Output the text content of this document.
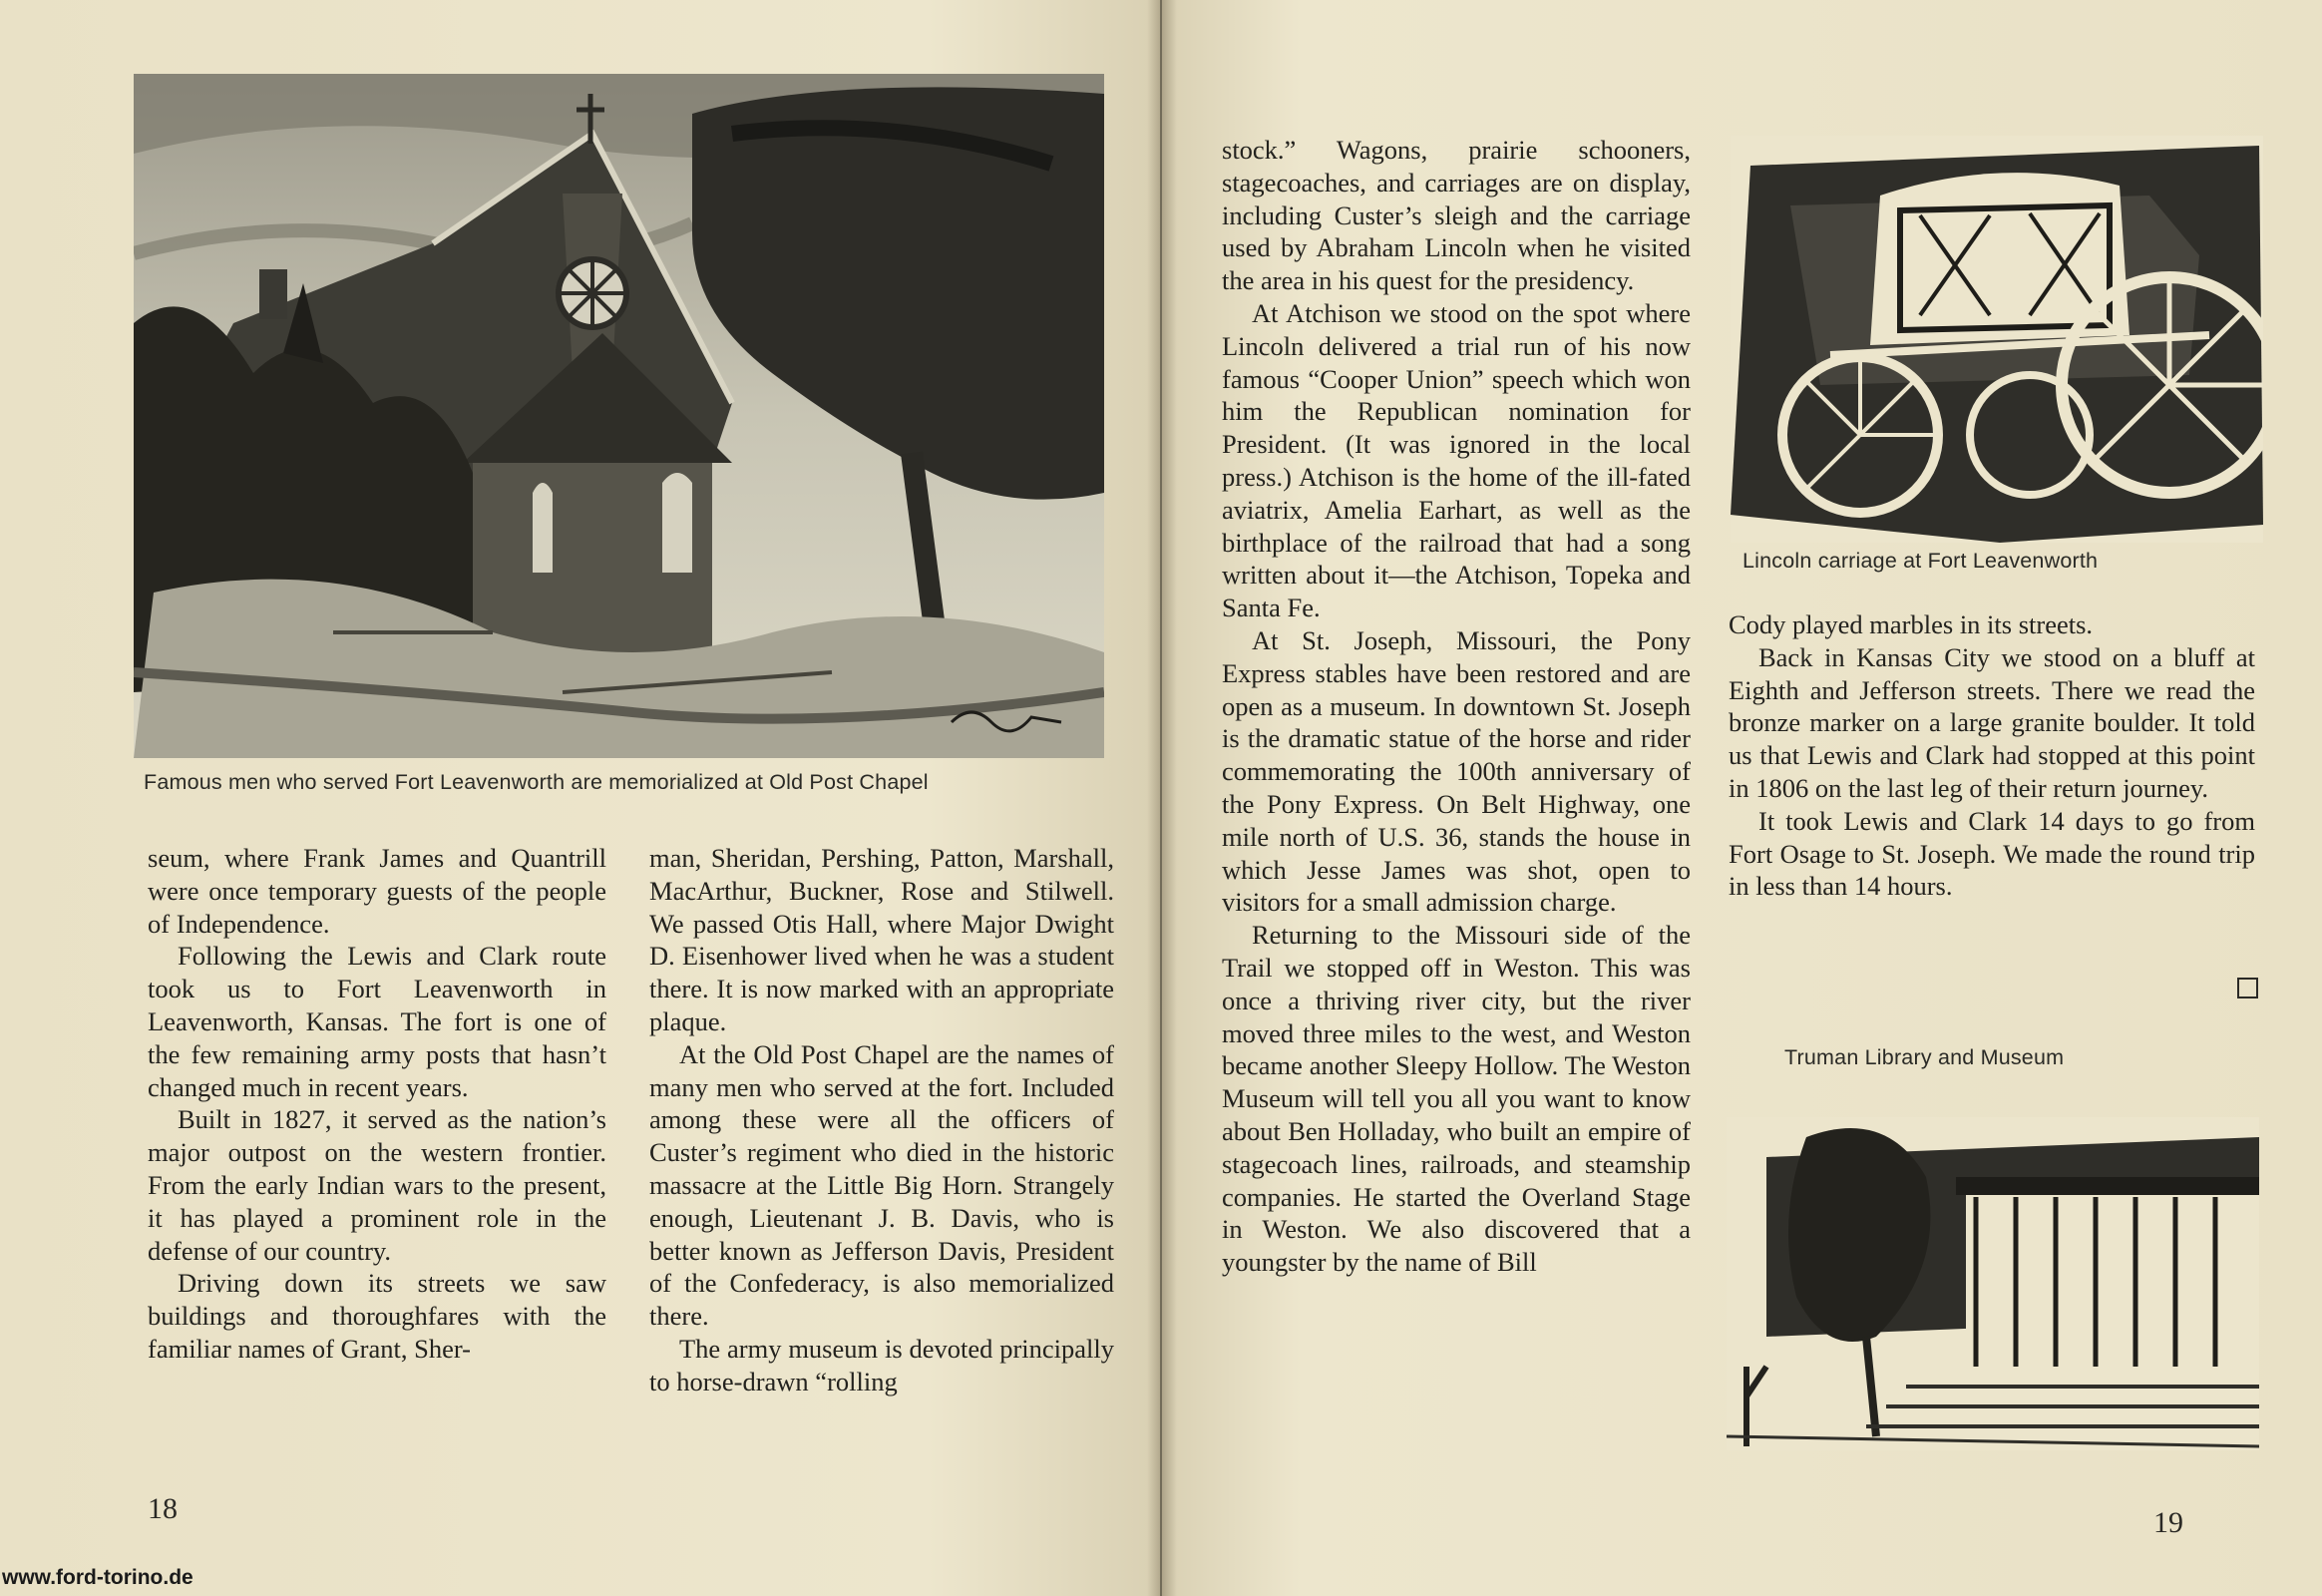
Famous men who served Fort Leavenworth are memorialized at Old Post Chapel

seum, where Frank James and Quantrill were once temporary guests of the people of Independence.

Following the Lewis and Clark route took us to Fort Leavenworth in Leavenworth, Kansas. The fort is one of the few remaining army posts that hasn’t changed much in recent years.

Built in 1827, it served as the nation’s major outpost on the western frontier. From the early Indian wars to the present, it has played a prominent role in the defense of our country.

Driving down its streets we saw buildings and thoroughfares with the familiar names of Grant, Sher-

man, Sheridan, Pershing, Patton, Marshall, MacArthur, Buckner, Rose and Stilwell. We passed Otis Hall, where Major Dwight D. Eisenhower lived when he was a student there. It is now marked with an appropriate plaque.

At the Old Post Chapel are the names of many men who served at the fort. Included among these were all the officers of Custer’s regiment who died in the historic massacre at the Little Big Horn. Strangely enough, Lieutenant J. B. Davis, who is better known as Jefferson Davis, President of the Confederacy, is also memorialized there.

The army museum is devoted principally to horse-drawn “rolling

18

stock.” Wagons, prairie schooners, stagecoaches, and carriages are on display, including Custer’s sleigh and the carriage used by Abraham Lincoln when he visited the area in his quest for the presidency.

At Atchison we stood on the spot where Lincoln delivered a trial run of his now famous “Cooper Union” speech which won him the Republican nomination for President. (It was ignored in the local press.) Atchison is the home of the ill-fated aviatrix, Amelia Earhart, as well as the birthplace of the railroad that had a song written about it—the Atchison, Topeka and Santa Fe.

At St. Joseph, Missouri, the Pony Express stables have been restored and are open as a museum. In downtown St. Joseph is the dramatic statue of the horse and rider commemorating the 100th anniversary of the Pony Express. On Belt Highway, one mile north of U.S. 36, stands the house in which Jesse James was shot, open to visitors for a small admission charge.

Returning to the Missouri side of the Trail we stopped off in Weston. This was once a thriving river city, but the river moved three miles to the west, and Weston became another Sleepy Hollow. The Weston Museum will tell you all you want to know about Ben Holladay, who built an empire of stagecoach lines, railroads, and steamship companies. He started the Overland Stage in Weston. We also discovered that a youngster by the name of Bill

Lincoln carriage at Fort Leavenworth

Cody played marbles in its streets.

Back in Kansas City we stood on a bluff at Eighth and Jefferson streets. There we read the bronze marker on a large granite boulder. It told us that Lewis and Clark had stopped at this point in 1806 on the last leg of their return journey.

It took Lewis and Clark 14 days to go from Fort Osage to St. Joseph. We made the round trip in less than 14 hours.

Truman Library and Museum
19
www.ford-torino.de
